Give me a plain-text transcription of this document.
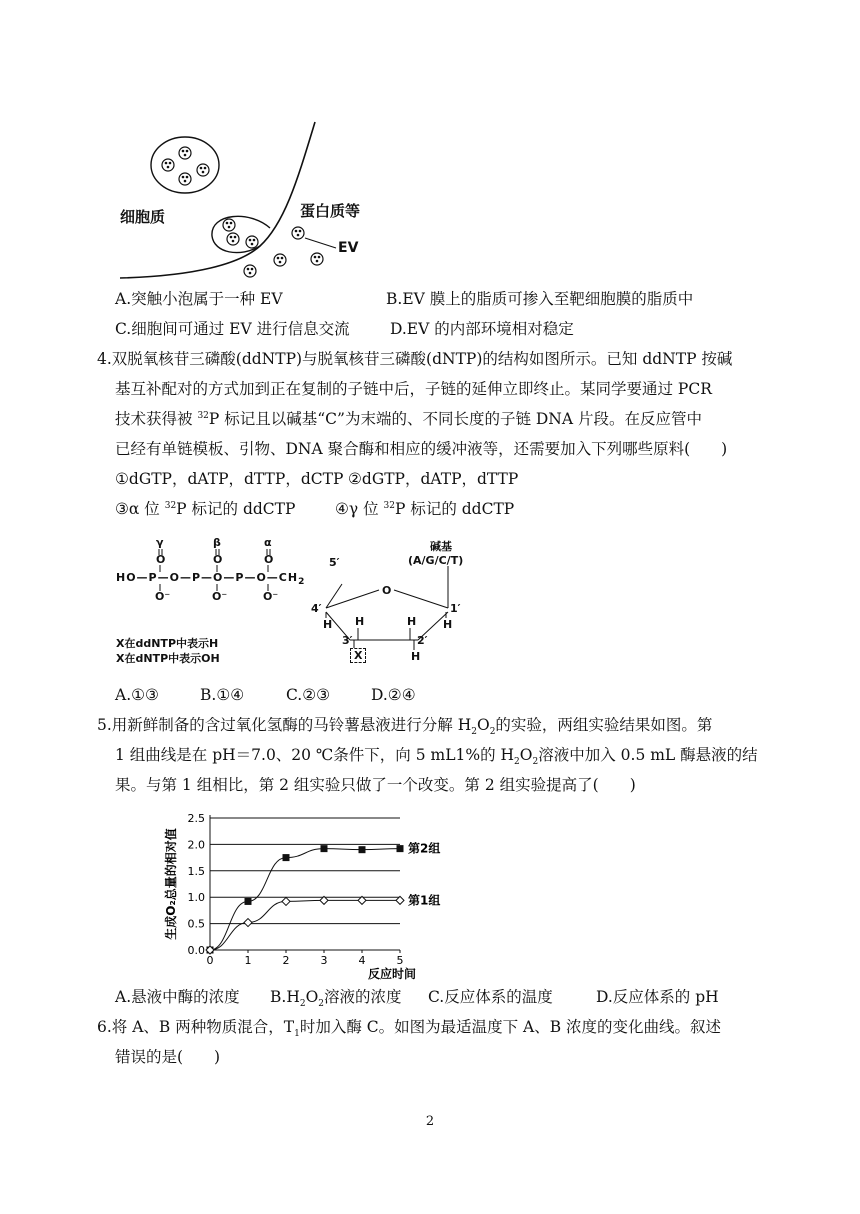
细胞质	蛋白质等
EV
A.突触小泡属于一种 EV	B.EV 膜上的脂质可掺入至靶细胞膜的脂质中
C.细胞间可通过 EV 进行信息交流	D.EV 的内部环境相对稳定
4.双脱氧核苷三磷酸(ddNTP)与脱氧核苷三磷酸(dNTP)的结构如图所示。已知 ddNTP 按碱
基互补配对的方式加到正在复制的子链中后，子链的延伸立即终止。某同学要通过 PCR
技术获得被 $^{32}$P 标记且以碱基“C”为末端的、不同长度的子链 DNA 片段。在反应管中
已经有单链模板、引物、DNA 聚合酶和相应的缓冲液等，还需要加入下列哪些原料(　　)
①dGTP，dATP，dTTP，dCTP ②dGTP，dATP，dTTP
③α 位 $^{32}$P 标记的 ddCTP	④γ 位 $^{32}$P 标记的 ddCTP
γ	β	α
O	O	O
$HO—P—O—P—O—P—O—CH_2$
O⁻	O⁻	O⁻
5′
碱基
(A/G/C/T)
O
4′	1′
H H	H H
3′	2′
H
X
X在ddNTP中表示H
X在dNTP中表示OH
A.①③	B.①④	C.②③	D.②④
5.用新鲜制备的含过氧化氢酶的马铃薯悬液进行分解 $H_2O_2$的实验，两组实验结果如图。第
1 组曲线是在 pH＝7.0、20 ℃条件下，向 5 mL1%的 $H_2O_2$溶液中加入 0.5 mL 酶悬液的结
果。与第 1 组相比，第 2 组实验只做了一个改变。第 2 组实验提高了(　　)
0.0
0.5
1.0
1.5
2.0
2.5
0	1	2	3	4	5
反应时间
生成O₂总量的相对值	第2组
第1组
A.悬液中酶的浓度 $B.H_2O_2$溶液的浓度 C.反应体系的温度	D.反应体系的 pH
6.将 A、B 两种物质混合，$T_1$时加入酶 C。如图为最适温度下 A、B 浓度的变化曲线。叙述
错误的是(　　)
2
